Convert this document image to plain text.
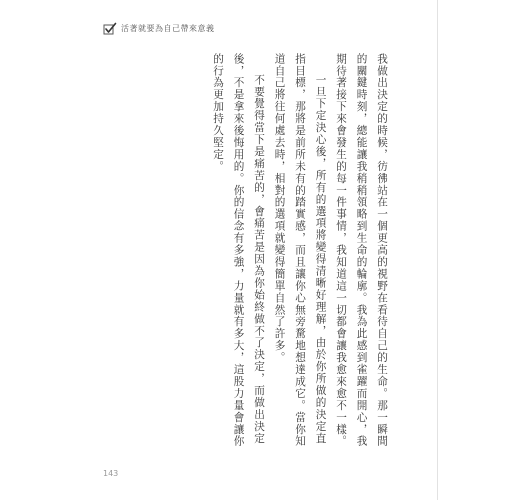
活著就要為自己帶來意義

我做出決定的時候，彷彿站在一個更高的視野在看待自己的生命。那一瞬間的關鍵時刻，總能讓我稍稍領略到生命的輪廓。我為此感到雀躍而開心，我期待著接下來會發生的每一件事情，我知道這一切都會讓我愈來愈不一樣。

一旦下定決心後，所有的選項將變得清晰好理解，由於你所做的決定直指目標，那將是前所未有的踏實感，而且讓你心無旁騖地想達成它。當你知道自己將往何處去時，相對的選項就變得簡單自然了許多。

不要覺得當下是痛苦的，會痛苦是因為你始終做不了決定，而做出決定後，不是拿來後悔用的。你的信念有多強，力量就有多大，這股力量會讓你的行為更加持久堅定。

143
